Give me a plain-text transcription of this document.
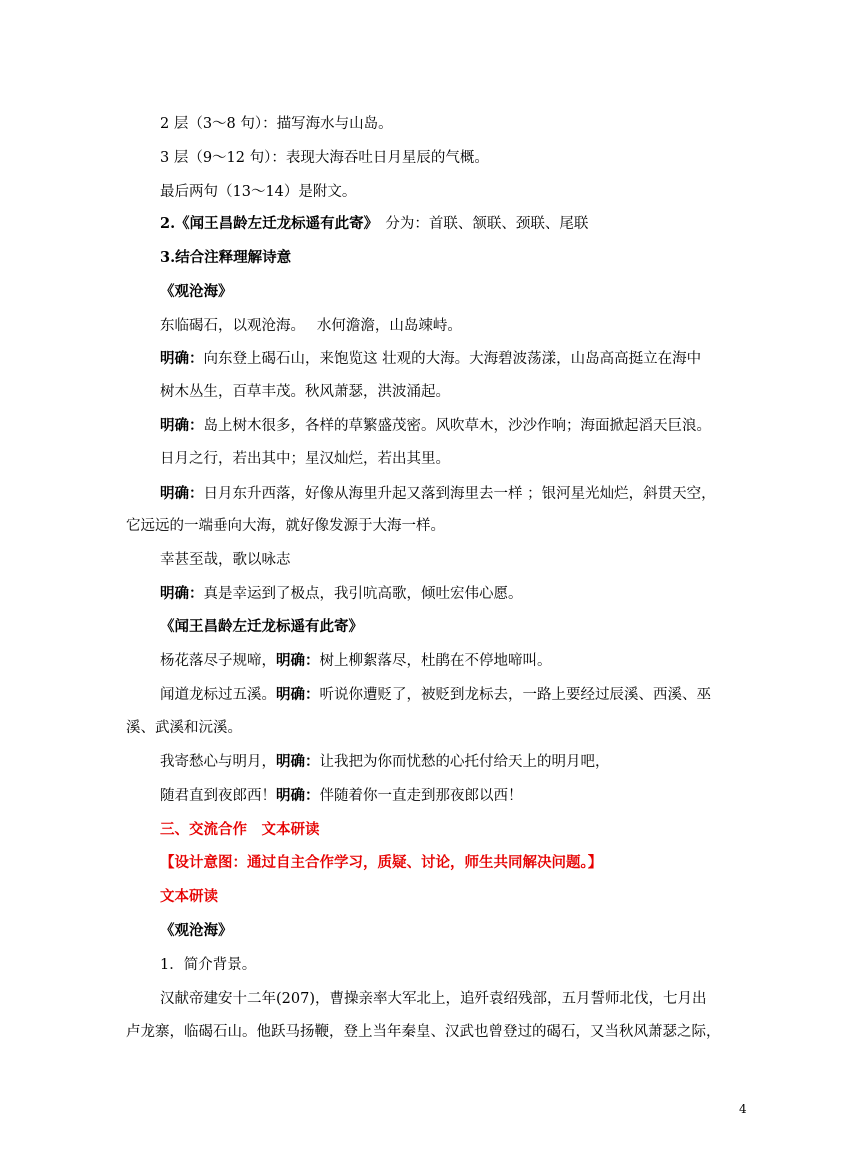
2 层（3～8 句）：描写海水与山岛。
3 层（9～12 句）：表现大海吞吐日月星辰的气概。
最后两句（13～14）是附文。
2.《闻王昌龄左迁龙标遥有此寄》　分为：首联、颔联、颈联、尾联
3.结合注释理解诗意
《观沧海》
东临碣石，以观沧海。　 水何澹澹，山岛竦峙。
明确：向东登上碣石山，来饱览这 壮观的大海。大海碧波荡漾，山岛高高挺立在海中
树木丛生，百草丰茂。秋风萧瑟，洪波涌起。
明确：岛上树木很多，各样的草繁盛茂密。风吹草木，沙沙作响；海面掀起滔天巨浪。
日月之行，若出其中；星汉灿烂，若出其里。
明确：日月东升西落，好像从海里升起又落到海里去一样 ；银河星光灿烂，斜贯天空，
它远远的一端垂向大海，就好像发源于大海一样。
幸甚至哉，歌以咏志
明确：真是幸运到了极点，我引吭高歌，倾吐宏伟心愿。
《闻王昌龄左迁龙标遥有此寄》
杨花落尽子规啼，明确：树上柳絮落尽，杜鹃在不停地啼叫。
闻道龙标过五溪。明确：听说你遭贬了，被贬到龙标去，一路上要经过辰溪、西溪、巫
溪、武溪和沅溪。
我寄愁心与明月，明确：让我把为你而忧愁的心托付给天上的明月吧，
随君直到夜郎西！明确：伴随着你一直走到那夜郎以西！
三、交流合作　文本研读
【设计意图：通过自主合作学习，质疑、讨论，师生共同解决问题。】
文本研读
《观沧海》
1．简介背景。
汉献帝建安十二年(207)，曹操亲率大军北上，追歼袁绍残部，五月誓师北伐，七月出
卢龙寨，临碣石山。他跃马扬鞭，登上当年秦皇、汉武也曾登过的碣石，又当秋风萧瑟之际，
4
